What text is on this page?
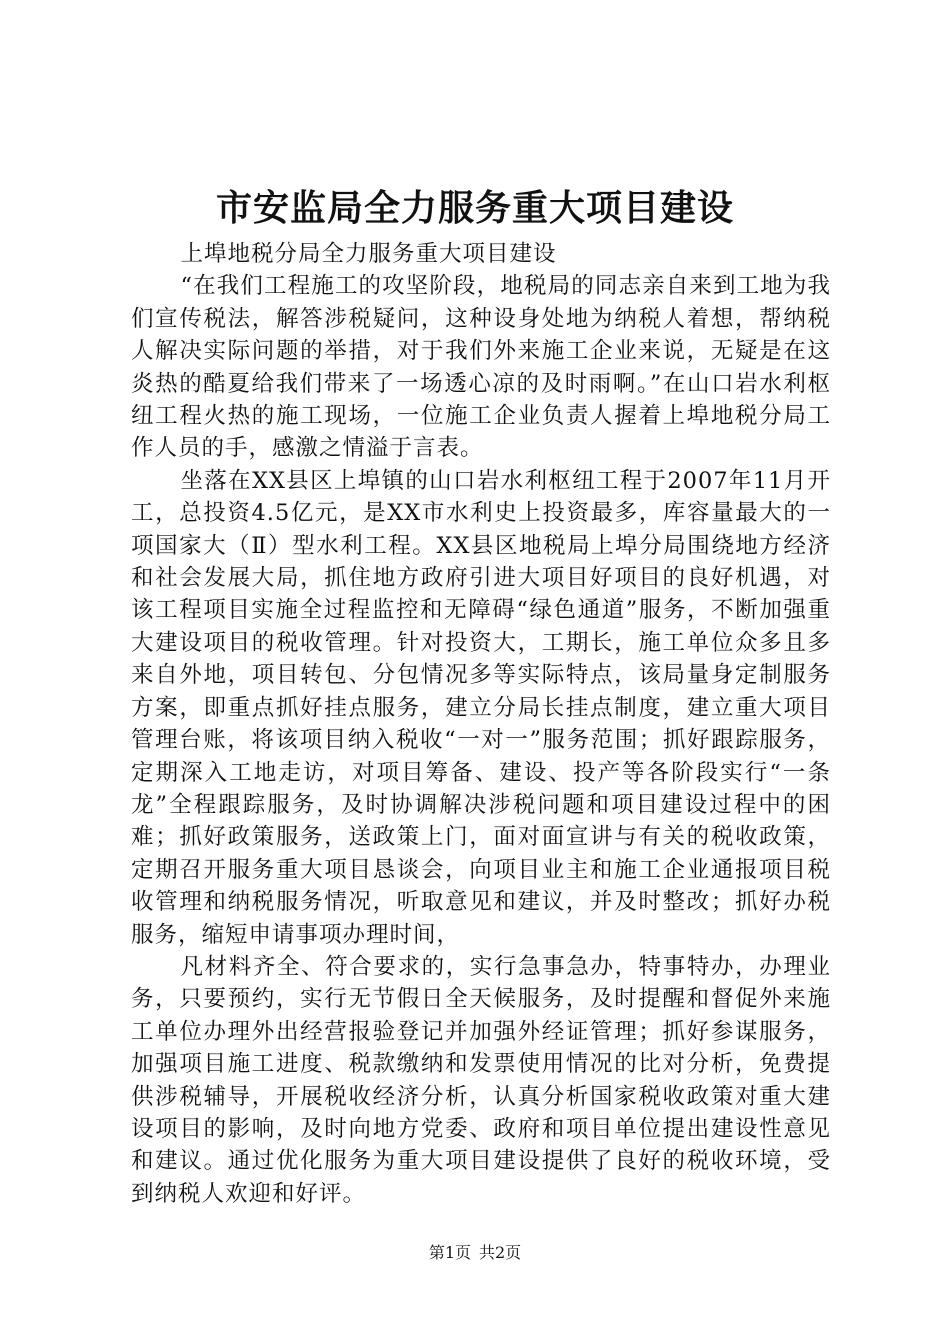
市安监局全力服务重大项目建设

上埠地税分局全力服务重大项目建设

“在我们工程施工的攻坚阶段，地税局的同志亲自来到工地为我们宣传税法，解答涉税疑问，这种设身处地为纳税人着想，帮纳税人解决实际问题的举措，对于我们外来施工企业来说，无疑是在这炎热的酷夏给我们带来了一场透心凉的及时雨啊。”在山口岩水利枢纽工程火热的施工现场，一位施工企业负责人握着上埠地税分局工作人员的手，感激之情溢于言表。

坐落在XX县区上埠镇的山口岩水利枢纽工程于2007年11月开工，总投资4.5亿元，是XX市水利史上投资最多，库容量最大的一项国家大（Ⅱ）型水利工程。XX县区地税局上埠分局围绕地方经济和社会发展大局，抓住地方政府引进大项目好项目的良好机遇，对该工程项目实施全过程监控和无障碍“绿色通道”服务，不断加强重大建设项目的税收管理。针对投资大，工期长，施工单位众多且多来自外地，项目转包、分包情况多等实际特点，该局量身定制服务方案，即重点抓好挂点服务，建立分局长挂点制度，建立重大项目管理台账，将该项目纳入税收“一对一”服务范围；抓好跟踪服务，定期深入工地走访，对项目筹备、建设、投产等各阶段实行“一条龙”全程跟踪服务，及时协调解决涉税问题和项目建设过程中的困难；抓好政策服务，送政策上门，面对面宣讲与有关的税收政策，定期召开服务重大项目恳谈会，向项目业主和施工企业通报项目税收管理和纳税服务情况，听取意见和建议，并及时整改；抓好办税服务，缩短申请事项办理时间，

凡材料齐全、符合要求的，实行急事急办，特事特办，办理业务，只要预约，实行无节假日全天候服务，及时提醒和督促外来施工单位办理外出经营报验登记并加强外经证管理；抓好参谋服务，加强项目施工进度、税款缴纳和发票使用情况的比对分析，免费提供涉税辅导，开展税收经济分析，认真分析国家税收政策对重大建设项目的影响，及时向地方党委、政府和项目单位提出建设性意见和建议。通过优化服务为重大项目建设提供了良好的税收环境，受到纳税人欢迎和好评。

第1页 共2页
